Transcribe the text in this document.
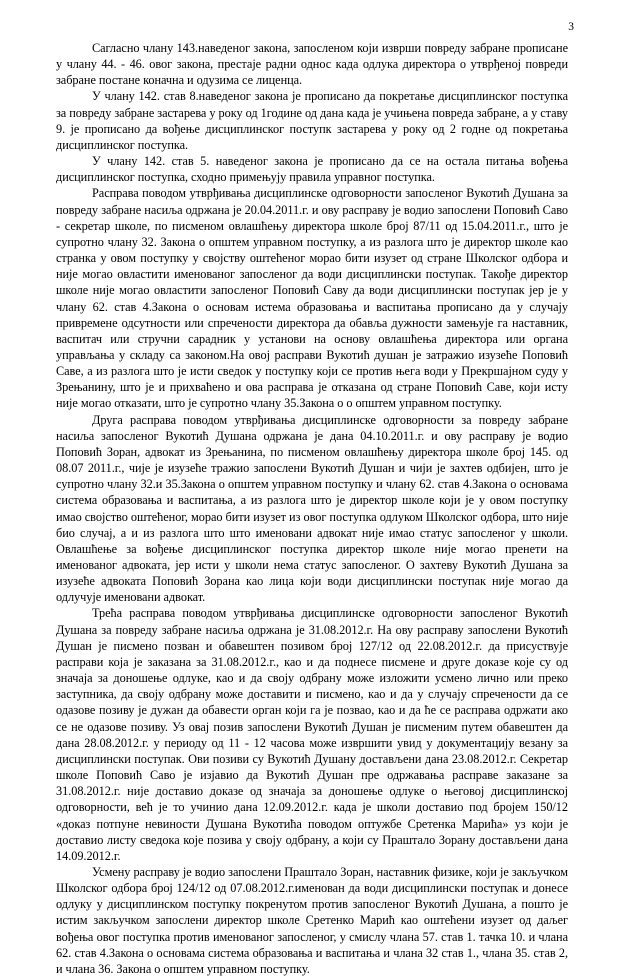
3

Сагласно члану 143.наведеног закона, запосленом који изврши повреду забране прописане у члану 44. - 46. овог закона, престаје радни однос када одлука директора о утврђеној повреди забране постане коначна и одузима се лиценца.

У члану 142. став 8.наведеног закона је прописано да покретање дисциплинског поступка за повреду забране застарева у року од 1годинe од дана када је учињена повреда забране, а у ставу 9. је прописано да вођење дисциплинског поступк застарева у року од 2 годне од покретања дисциплинског поступка.

У члану 142. став 5. наведеног закона је прописано да се на остала питања вођења дисциплинског поступка, сходно примењују правила управног поступка.

Расправа поводом утврђивања дисциплинске одговорности запосленог Вукотић Душана за повреду забране насиља одржана је 20.04.2011.г. и ову расправу је водио запослени Поповић Саво - секретар школе, по писменом овлашћењу директора школе број 87/11 од 15.04.2011.г., што је супротно члану 32. Закона о општем управном поступку, а из разлога што је директор школе као странка у овом поступку у својству оштећеног морао бити изузет од стране Школског одбора и није могао овластити именованог запосленог да води дисциплински поступак. Такође директор школе није могао овластити запосленог Поповић Саву да води дисциплински поступак јер је у члану 62. став 4.Закона о основам истема образовања и васпитања прописано да у случају привремене одсутности или спречености директора да обавља дужности замењује га наставник, васпитач или стручни сарадник у установи на основу овлашћења директора или органа управљања у складу са законом.На овој расправи Вукотић душан је затражио изузеће Поповић Саве, а из разлога што је исти сведок у поступку који се против њега води у Прекршајном суду у Зрењанину, што је и прихваћено и ова расправа је отказана од стране Поповић Саве, који исту није могао отказати, што је супротно члану 35.Закона о о општем управном поступку.

Друга расправа поводом утврђивања дисциплинске одговорности за повреду забране насиља запосленог Вукотић Душана одржана је дана 04.10.2011.г. и ову расправу је водио Поповић Зоран, адвокат из Зрењанина, по писменом овлашћењу директора школе број 145. од 08.07 2011.г., чије је изузеће тражио запослени Вукотић Душан и чији је захтев одбијен, што је супротно члану 32.и 35.Закона о општем управном поступку и члану 62. став 4.Закона о основама система образовања и васпитања, а из разлога што је директор школе који је у овом поступку имао својство оштећеног, морао бити изузет из овог поступка одлуком Школског одбора, што није био случај, а и из разлога што што именовани адвокат није имао статус запосленог у школи. Овлашћење за вођење дисциплинског поступка директор школе није могао пренети на именованог адвоката, јер исти у школи нема статус запосленог. О захтеву Вукотић Душана за изузеће адвоката Поповић Зорана као лица који води дисциплински поступак није могао да одлучује именовани адвокат.

Трећа расправа поводом утврђивања дисциплинске одговорности запосленог Вукотић Душана за повреду забране насиља одржана је 31.08.2012.г. На ову расправу запослени Вукотић Душан је писмено позван и обавештен позивом број 127/12 од 22.08.2012.г. да присуствује расправи која је заказана за 31.08.2012.г., као и да поднесе писмене и друге доказе које су од значаја за доношење одлуке, као и да своју одбрану може изложити усмено лично или преко заступника, да своју одбрану може доставити и писмено, као и да у случају спречености да се одазове позиву је дужан да обавести орган који га је позвао, као и да ће се расправа одржати ако се не одазове позиву. Уз овај позив запослени Вукотић Душан је писменим путем обавештен да дана 28.08.2012.г. у периоду од 11 - 12 часова може извршити увид у документацију везану за дисциплински поступак. Ови позиви су Вукотић Душану достављени дана 23.08.2012.г. Секретар школе Поповић Саво је изјавио да Вукотић Душан пре одржавања расправе заказане за 31.08.2012.г. није доставио доказе од значаја за доношење одлуке о његовој дисциплинској одговорности, већ је то учинио дана 12.09.2012.г. када је школи доставио под бројем 150/12 «доказ потпуне невиности Душана Вукотића поводом оптужбе Сретенка Марића» уз који је доставио листу сведока које позива у своју одбрану, а који су Праштало Зорану достављени дана 14.09.2012.г.

Усмену расправу је водио запослени Праштало Зоран, наставник физике, који је закључком Школског одбора број 124/12 од 07.08.2012.г.именован да води дисциплински поступак и донесе одлуку у дисциплинском поступку покренутом против запосленог Вукотић Душана, а пошто је истим закључком запослени директор школе Сретенко Марић као оштећени изузет од даљег вођења овог поступка против именованог запосленог, у смислу члана 57. став 1. тачка 10. и члана 62. став 4.Закона о основама система образовања и васпитања и члана 32 став 1., члана 35. став 2, и члана 36. Закона о општем управном поступку.
